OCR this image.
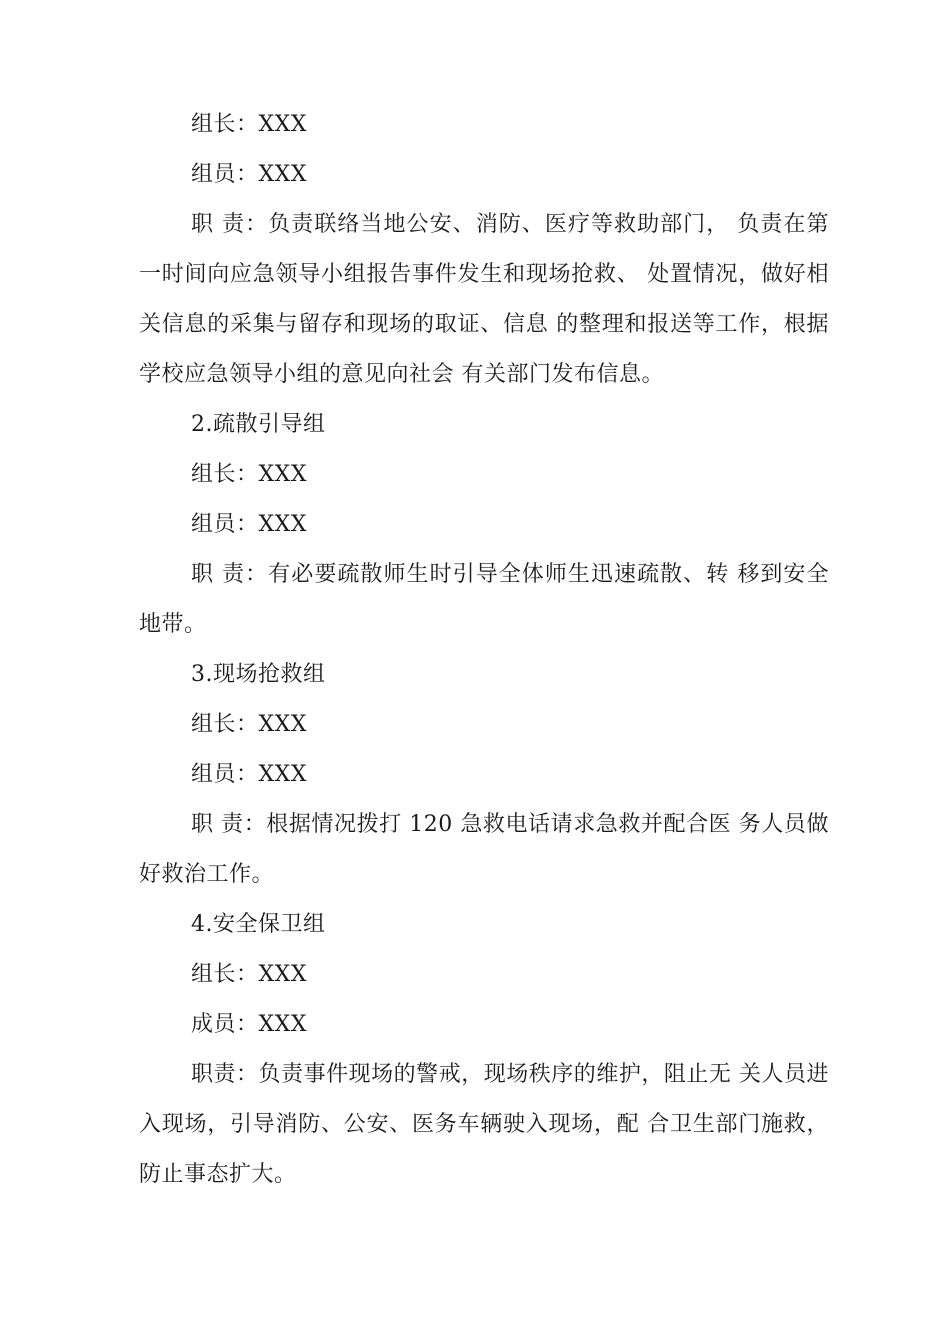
组长：XXX

组员：XXX

职 责：负责联络当地公安、消防、医疗等救助部门， 负责在第一时间向应急领导小组报告事件发生和现场抢救、 处置情况，做好相关信息的采集与留存和现场的取证、信息 的整理和报送等工作，根据学校应急领导小组的意见向社会 有关部门发布信息。

2.疏散引导组

组长：XXX

组员：XXX

职 责：有必要疏散师生时引导全体师生迅速疏散、转 移到安全地带。

3.现场抢救组

组长：XXX

组员：XXX

职 责：根据情况拨打 120 急救电话请求急救并配合医 务人员做好救治工作。

4.安全保卫组

组长：XXX

成员：XXX

职责：负责事件现场的警戒，现场秩序的维护，阻止无 关人员进入现场，引导消防、公安、医务车辆驶入现场，配 合卫生部门施救，防止事态扩大。
